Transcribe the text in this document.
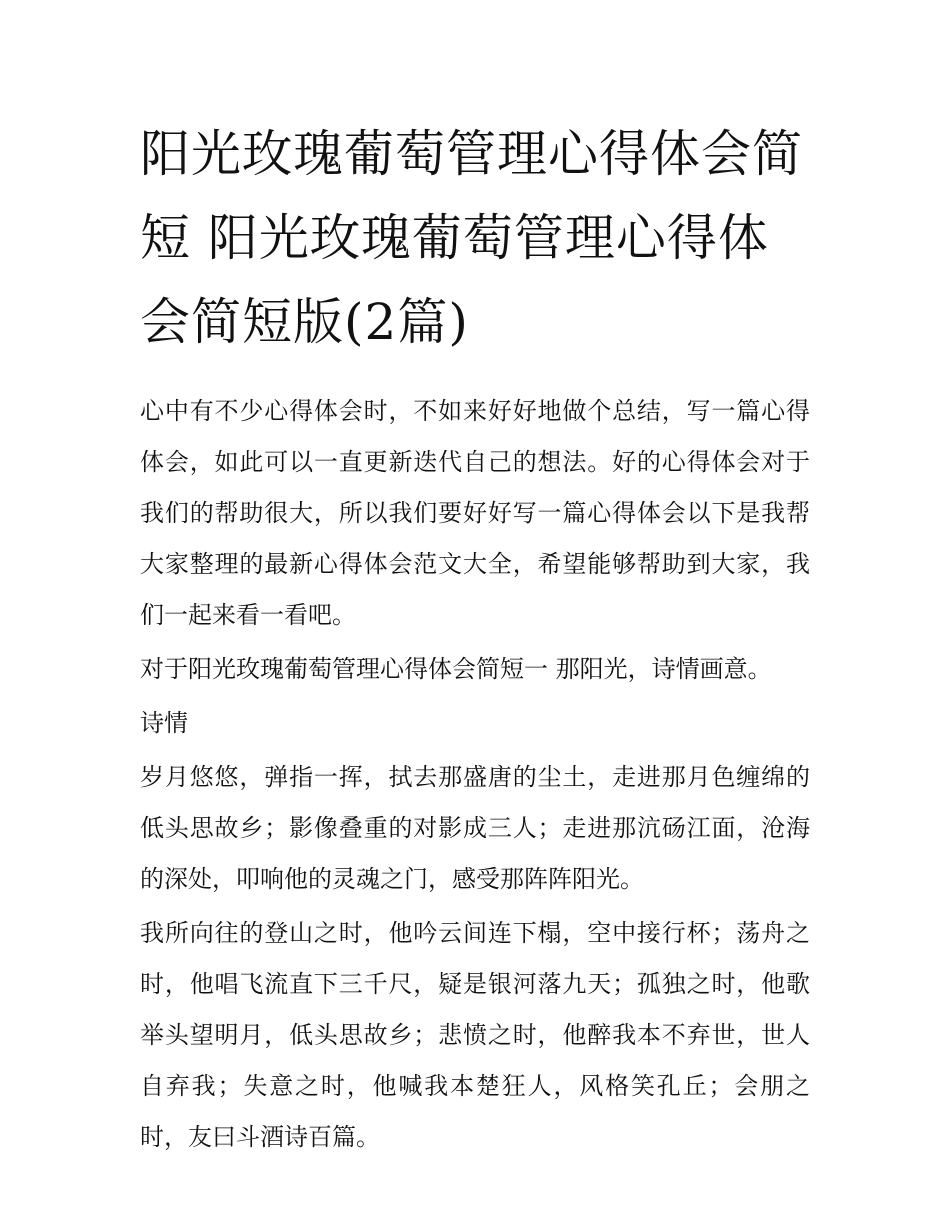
阳光玫瑰葡萄管理心得体会简短 阳光玫瑰葡萄管理心得体会简短版(2篇)

心中有不少心得体会时，不如来好好地做个总结，写一篇心得体会，如此可以一直更新迭代自己的想法。好的心得体会对于我们的帮助很大，所以我们要好好写一篇心得体会以下是我帮大家整理的最新心得体会范文大全，希望能够帮助到大家，我们一起来看一看吧。

对于阳光玫瑰葡萄管理心得体会简短一 那阳光，诗情画意。

诗情

岁月悠悠，弹指一挥，拭去那盛唐的尘土，走进那月色缠绵的低头思故乡；影像叠重的对影成三人；走进那沆砀江面，沧海的深处，叩响他的灵魂之门，感受那阵阵阳光。

我所向往的登山之时，他吟云间连下榻，空中接行杯；荡舟之时，他唱飞流直下三千尺，疑是银河落九天；孤独之时，他歌举头望明月，低头思故乡；悲愤之时，他醉我本不弃世，世人自弃我；失意之时，他喊我本楚狂人，风格笑孔丘；会朋之时，友曰斗酒诗百篇。
